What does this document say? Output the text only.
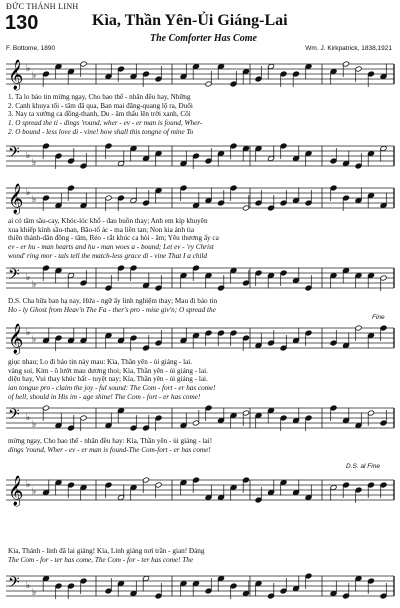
ĐỨC THÁNH LINH
130	Kìa, Thần Yên-Ủi Giáng-Lai
The Comforter Has Come
F. Bottome, 1890	Wm. J. Kirkpatrick, 1838,1921
𝄞 ♭
♭
1. Ta lo báo tin mừng ngay, Cho bao thế - nhân đều hay, Những
2. Canh khuya tối - tăm đã qua, Ban mai đăng-quang lộ ra, Đuổi
3. Nay ta xướng ca đồng-thanh, Du - âm thấu lên trời xanh, Cõi
1. O spread the ti - dings 'round, wher - ev - er man is found, Wher-
2. O bound - less love di - vine! how shall this tongne of mine To
𝄢 ♭
♭
𝄞 ♭
♭
ai có tâm sầu-cay, Khóc-lóc khổ - đau buồn thay; Anh em kíp khuyên
xua khiếp kinh sầu-than, Bão-tố ác - ma liền tan; Non kia ánh tia
thiên thánh-dân đồng - tâm, Réo - rắt khúc ca hòi - âm; Yêu thương ấy ca
ev - er hu - man hearts and hu - man woes a - bound; Let ev - 'ry Christ
wond' ring mor - tals tell the match-less grace di - vine That I a child
𝄢 ♭
♭
D.S. Cha hữa ban hạ nay, Hứa - ngữ ấy linh nghiệm thay; Mau đi báo tin
Ho - ly Ghost from Heav'n The Fa - ther's pro - mise giv'n; O spread the
Fine
𝄞 ♭
♭
giục nhau; Lo đi báo tin này mau: Kìa, Thần yên - ủi giáng - lai.
vàng soi, Kim - ô lướt mau dương thoi; Kìa, Thần yên - ủi giáng - lai.
diệu hay, Vui thay khúc bất - tuyệt nay; Kìa, Thần yên - ủi giáng - lai.
ian tongue pro - claim the joy - ful sound: The Com - fort - er has come!
of hell, should in His im - age shine! The Com - fort - er has come!
𝄢 ♭
♭
mừng ngay, Cho bao thế - nhân đều hay: Kìa, Thần yên - ủi giáng - lai!
dings 'round, Wher - ev - er man is found-The Com-fort - er has come!
D.S. al Fine
𝄞 ♭
♭
Kìa, Thánh - linh đã lai giáng! Kìa, Linh giáng nơi trần - gian! Đáng
The Com - for - ter has come, The Com - for - ter has come! The
𝄢 ♭
♭
